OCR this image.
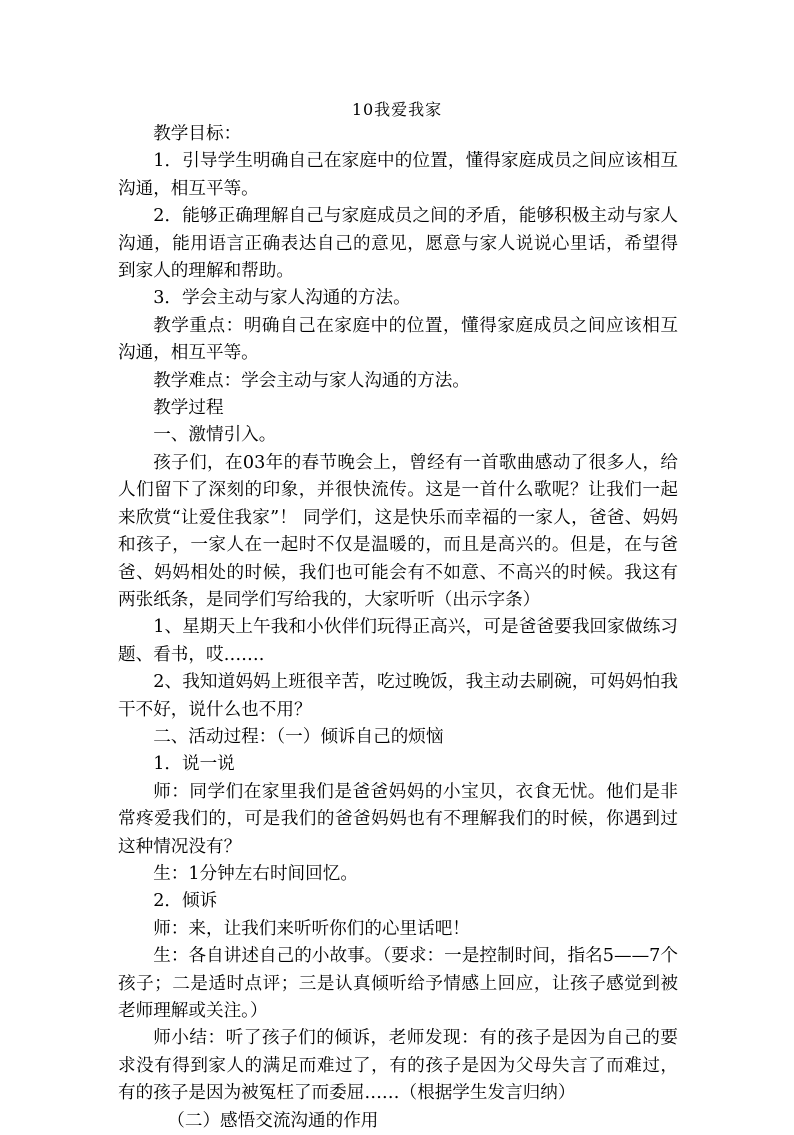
10我爱我家

教学目标：

1．引导学生明确自己在家庭中的位置，懂得家庭成员之间应该相互沟通，相互平等。

2．能够正确理解自己与家庭成员之间的矛盾，能够积极主动与家人沟通，能用语言正确表达自己的意见，愿意与家人说说心里话，希望得到家人的理解和帮助。

3．学会主动与家人沟通的方法。

教学重点：明确自己在家庭中的位置，懂得家庭成员之间应该相互沟通，相互平等。

教学难点：学会主动与家人沟通的方法。

教学过程

一、激情引入。

孩子们，在03年的春节晚会上，曾经有一首歌曲感动了很多人，给人们留下了深刻的印象，并很快流传。这是一首什么歌呢？让我们一起来欣赏“让爱住我家”！ 同学们，这是快乐而幸福的一家人，爸爸、妈妈和孩子，一家人在一起时不仅是温暖的，而且是高兴的。但是，在与爸爸、妈妈相处的时候，我们也可能会有不如意、不高兴的时候。我这有两张纸条，是同学们写给我的，大家听听（出示字条）

1、星期天上午我和小伙伴们玩得正高兴，可是爸爸要我回家做练习题、看书，哎…….

2、我知道妈妈上班很辛苦，吃过晚饭，我主动去刷碗，可妈妈怕我干不好，说什么也不用？

二、活动过程：（一）倾诉自己的烦恼

1．说一说

师：同学们在家里我们是爸爸妈妈的小宝贝，衣食无忧。他们是非常疼爱我们的，可是我们的爸爸妈妈也有不理解我们的时候，你遇到过这种情况没有？

生：1分钟左右时间回忆。

2．倾诉

师：来，让我们来听听你们的心里话吧！

生：各自讲述自己的小故事。（要求：一是控制时间，指名5——7个孩子；二是适时点评；三是认真倾听给予情感上回应，让孩子感觉到被老师理解或关注。）

师小结：听了孩子们的倾诉，老师发现：有的孩子是因为自己的要求没有得到家人的满足而难过了，有的孩子是因为父母失言了而难过，有的孩子是因为被冤枉了而委屈……（根据学生发言归纳）

（二）感悟交流沟通的作用
